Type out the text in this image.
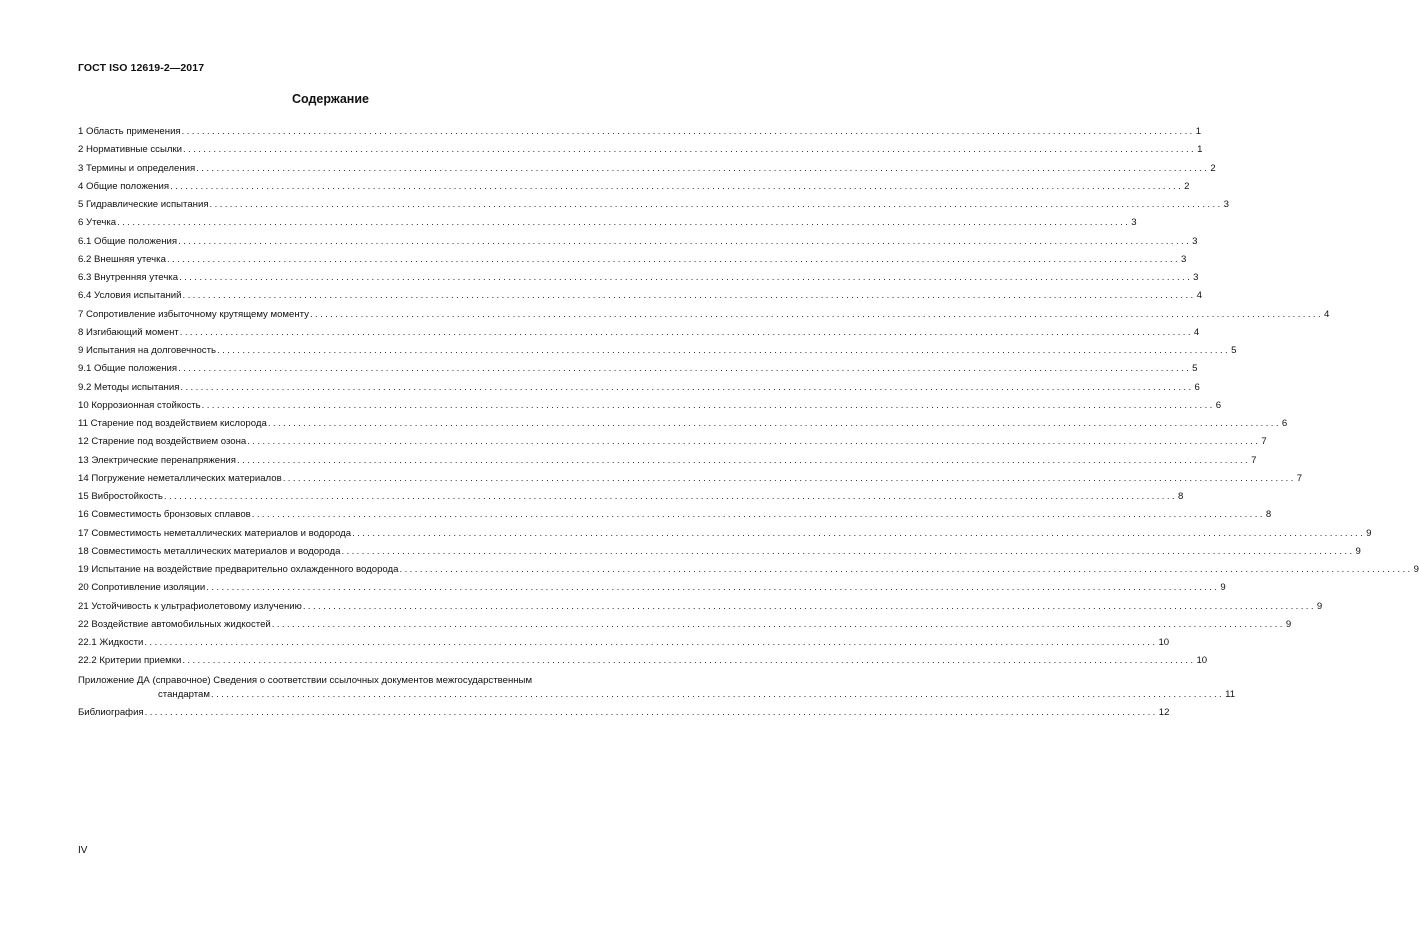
ГОСТ ISO 12619-2—2017
Содержание
1 Область применения ........................................................................................................................................................................................................ 1
2 Нормативные ссылки ........................................................................................................................................................................................................ 1
3 Термины и определения ........................................................................................................................................................................................................ 2
4 Общие положения ........................................................................................................................................................................................................ 2
5 Гидравлические испытания ........................................................................................................................................................................................................ 3
6 Утечка ........................................................................................................................................................................................................ 3
6.1 Общие положения ........................................................................................................................................................................................................ 3
6.2 Внешняя утечка ........................................................................................................................................................................................................ 3
6.3 Внутренняя утечка ........................................................................................................................................................................................................ 3
6.4 Условия испытаний ........................................................................................................................................................................................................ 4
7 Сопротивление избыточному крутящему моменту ........................................................................................................................................................................................................ 4
8 Изгибающий момент ........................................................................................................................................................................................................ 4
9 Испытания на долговечность ........................................................................................................................................................................................................ 5
9.1 Общие положения ........................................................................................................................................................................................................ 5
9.2 Методы испытания ........................................................................................................................................................................................................ 6
10 Коррозионная стойкость ........................................................................................................................................................................................................ 6
11 Старение под воздействием кислорода ........................................................................................................................................................................................................ 6
12 Старение под воздействием озона ........................................................................................................................................................................................................ 7
13 Электрические перенапряжения ........................................................................................................................................................................................................ 7
14 Погружение неметаллических материалов ........................................................................................................................................................................................................ 7
15 Вибростойкость ........................................................................................................................................................................................................ 8
16 Совместимость бронзовых сплавов ........................................................................................................................................................................................................ 8
17 Совместимость неметаллических материалов и водорода ........................................................................................................................................................................................................ 9
18 Совместимость металлических материалов и водорода ........................................................................................................................................................................................................ 9
19 Испытание на воздействие предварительно охлажденного водорода ........................................................................................................................................................................................................ 9
20 Сопротивление изоляции ........................................................................................................................................................................................................ 9
21 Устойчивость к ультрафиолетовому излучению ........................................................................................................................................................................................................ 9
22 Воздействие автомобильных жидкостей ........................................................................................................................................................................................................ 9
22.1 Жидкости ........................................................................................................................................................................................................ 10
22.2 Критерии приемки ........................................................................................................................................................................................................ 10
Приложение ДА (справочное) Сведения о соответствии ссылочных документов межгосударственным
стандартам ........................................................................................................................................................................................................ 11
Библиография ........................................................................................................................................................................................................ 12
IV
